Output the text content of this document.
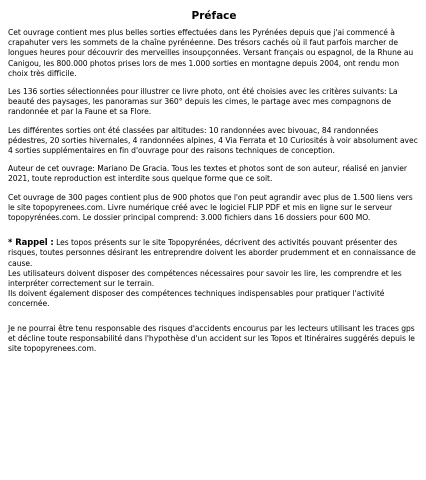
Préface

Cet ouvrage contient mes plus belles sorties effectuées dans les Pyrénées depuis que j'ai commencé à crapahuter vers les sommets de la chaîne pyrénéenne. Des trésors cachés où il faut parfois marcher de longues heures pour découvrir des merveilles insoupçonnées. Versant français ou espagnol, de la Rhune au Canigou, les 800.000 photos prises lors de mes 1.000 sorties en montagne depuis 2004, ont rendu mon choix très difficile.

Les 136 sorties sélectionnées pour illustrer ce livre photo, ont été choisies avec les critères suivants: La beauté des paysages, les panoramas sur 360° depuis les cimes, le partage avec mes compagnons de randonnée et par la Faune et sa Flore.

Les différentes sorties ont été classées par altitudes: 10 randonnées avec bivouac, 84 randonnées pédestres, 20 sorties hivernales, 4 randonnées alpines, 4 Via Ferrata et 10 Curiosités à voir absolument avec 4 sorties supplémentaires en fin d'ouvrage pour des raisons techniques de conception.

Auteur de cet ouvrage: Mariano De Gracia. Tous les textes et photos sont de son auteur, réalisé en janvier 2021, toute reproduction est interdite sous quelque forme que ce soit.

Cet ouvrage de 300 pages contient plus de 900 photos que l'on peut agrandir avec plus de 1.500 liens vers le site topopyrenees.com. Livre numérique créé avec le logiciel FLIP PDF et mis en ligne sur le serveur topopyrénées.com. Le dossier principal comprend: 3.000 fichiers dans 16 dossiers pour 600 MO.

* Rappel : Les topos présents sur le site Topopyrénées, décrivent des activités pouvant présenter des risques, toutes personnes désirant les entreprendre doivent les aborder prudemment et en connaissance de cause.

Les utilisateurs doivent disposer des compétences nécessaires pour savoir les lire, les comprendre et les interpréter correctement sur le terrain.

Ils doivent également disposer des compétences techniques indispensables pour pratiquer l'activité concernée.

Je ne pourrai être tenu responsable des risques d'accidents encourus par les lecteurs utilisant les traces gps et décline toute responsabilité dans l'hypothèse d'un accident sur les Topos et Itinéraires suggérés depuis le site topopyrenees.com.
